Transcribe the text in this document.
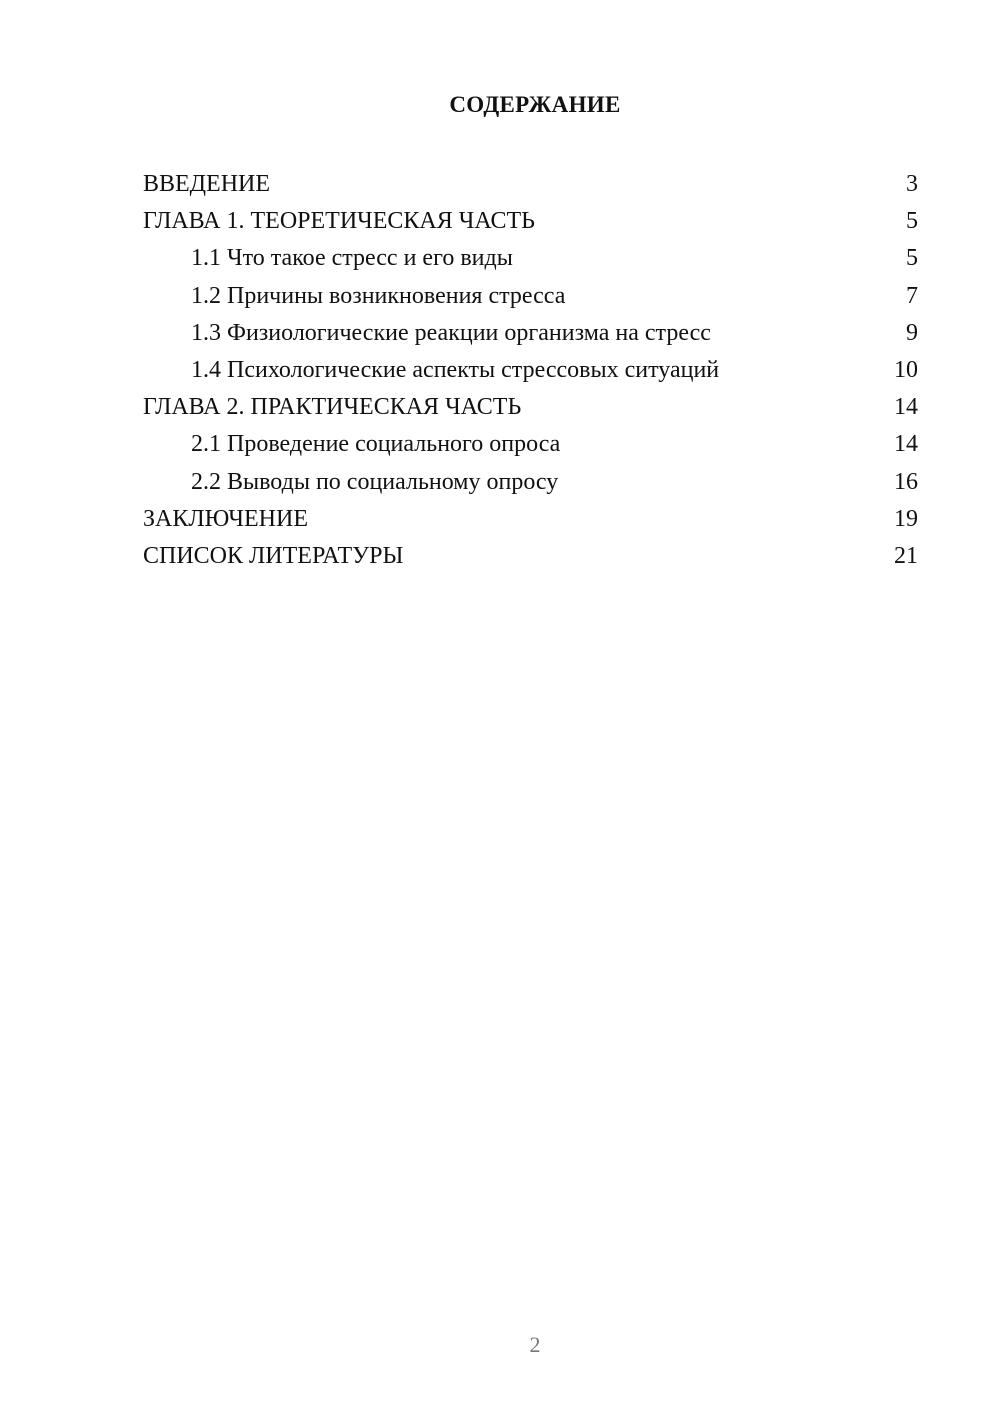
СОДЕРЖАНИЕ
ВВЕДЕНИЕ	3
ГЛАВА 1. ТЕОРЕТИЧЕСКАЯ ЧАСТЬ	5
1.1 Что такое стресс и его виды	5
1.2 Причины возникновения стресса	7
1.3 Физиологические реакции организма на стресс	9
1.4 Психологические аспекты стрессовых ситуаций	10
ГЛАВА 2. ПРАКТИЧЕСКАЯ ЧАСТЬ	14
2.1 Проведение социального опроса	14
2.2 Выводы по социальному опросу	16
ЗАКЛЮЧЕНИЕ	19
СПИСОК ЛИТЕРАТУРЫ	21
2
